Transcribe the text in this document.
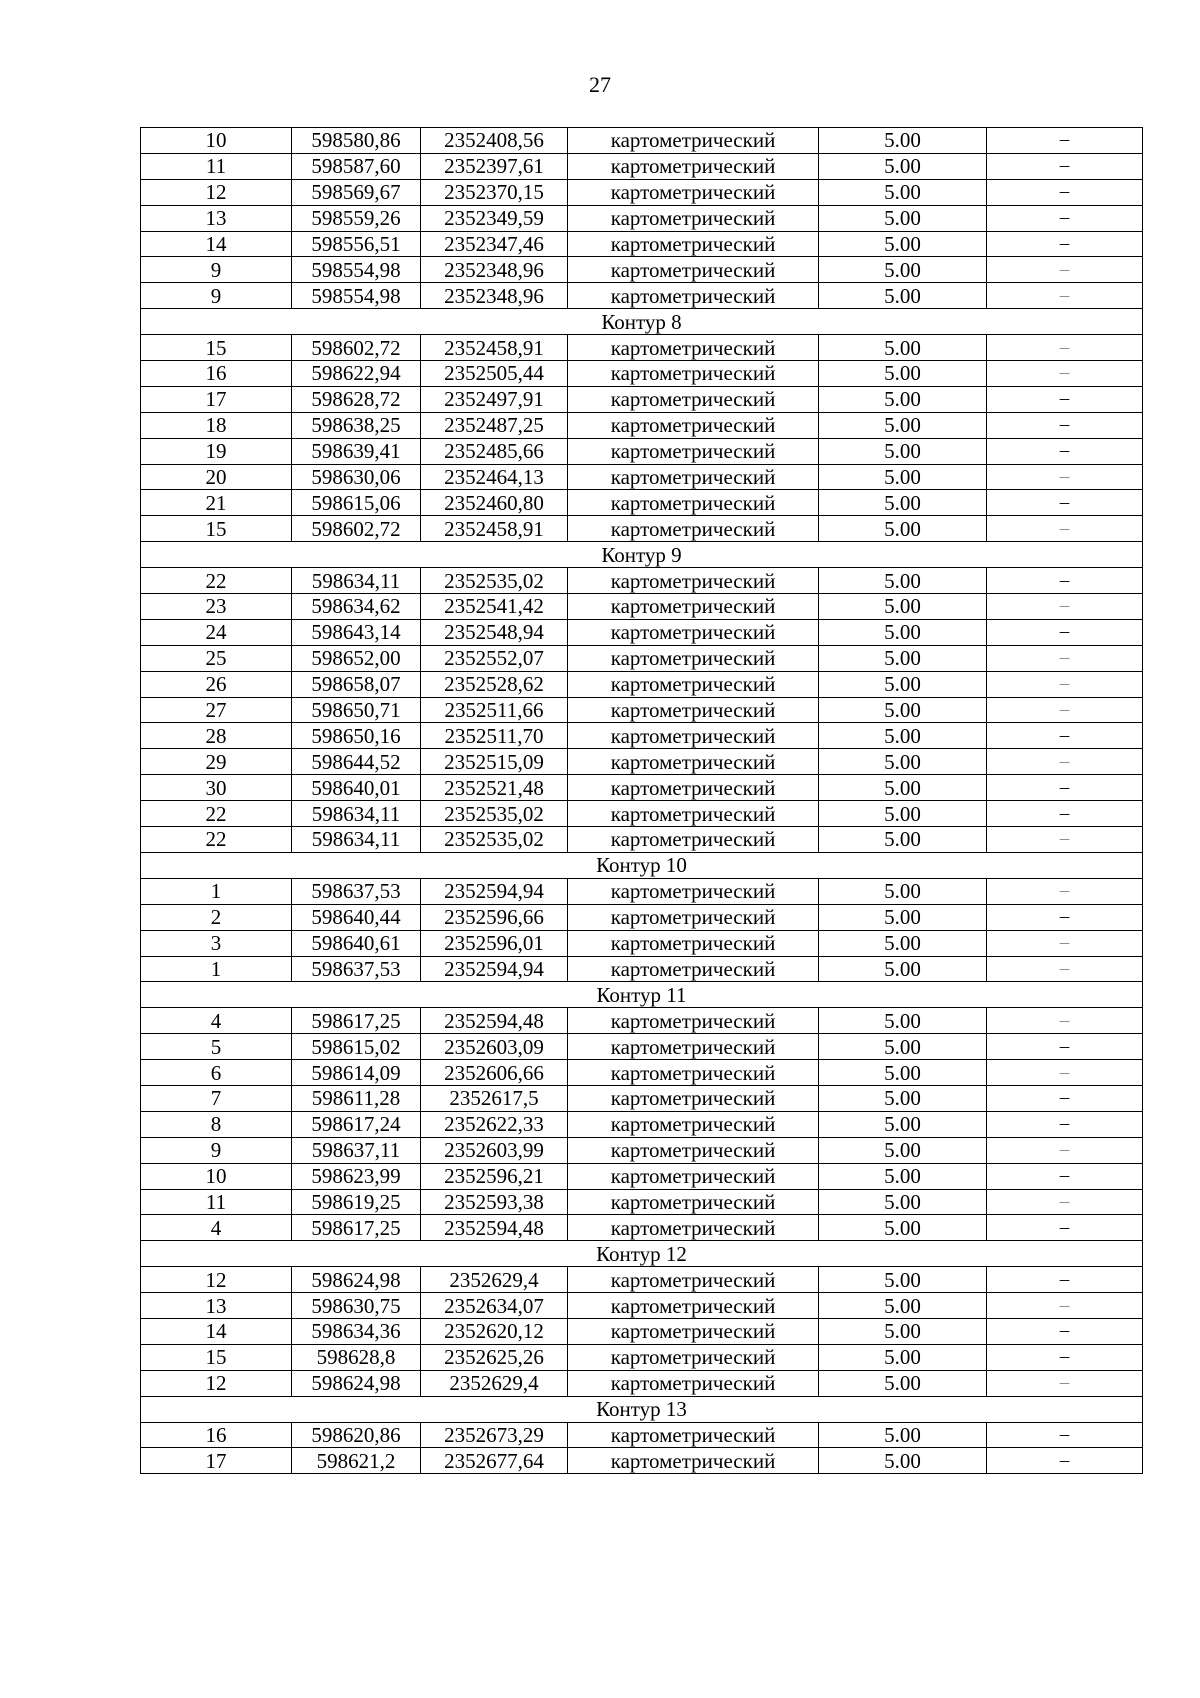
27
10	598580,86	2352408,56	картометрический	5.00	–
11	598587,60	2352397,61	картометрический	5.00	–
12	598569,67	2352370,15	картометрический	5.00	–
13	598559,26	2352349,59	картометрический	5.00	–
14	598556,51	2352347,46	картометрический	5.00	–
9	598554,98	2352348,96	картометрический	5.00	–
9	598554,98	2352348,96	картометрический	5.00	–
Контур 8					
15	598602,72	2352458,91	картометрический	5.00	–
16	598622,94	2352505,44	картометрический	5.00	–
17	598628,72	2352497,91	картометрический	5.00	–
18	598638,25	2352487,25	картометрический	5.00	–
19	598639,41	2352485,66	картометрический	5.00	–
20	598630,06	2352464,13	картометрический	5.00	–
21	598615,06	2352460,80	картометрический	5.00	–
15	598602,72	2352458,91	картометрический	5.00	–
Контур 9					
22	598634,11	2352535,02	картометрический	5.00	–
23	598634,62	2352541,42	картометрический	5.00	–
24	598643,14	2352548,94	картометрический	5.00	–
25	598652,00	2352552,07	картометрический	5.00	–
26	598658,07	2352528,62	картометрический	5.00	–
27	598650,71	2352511,66	картометрический	5.00	–
28	598650,16	2352511,70	картометрический	5.00	–
29	598644,52	2352515,09	картометрический	5.00	–
30	598640,01	2352521,48	картометрический	5.00	–
22	598634,11	2352535,02	картометрический	5.00	–
22	598634,11	2352535,02	картометрический	5.00	–
Контур 10					
1	598637,53	2352594,94	картометрический	5.00	–
2	598640,44	2352596,66	картометрический	5.00	–
3	598640,61	2352596,01	картометрический	5.00	–
1	598637,53	2352594,94	картометрический	5.00	–
Контур 11					
4	598617,25	2352594,48	картометрический	5.00	–
5	598615,02	2352603,09	картометрический	5.00	–
6	598614,09	2352606,66	картометрический	5.00	–
7	598611,28	2352617,5	картометрический	5.00	–
8	598617,24	2352622,33	картометрический	5.00	–
9	598637,11	2352603,99	картометрический	5.00	–
10	598623,99	2352596,21	картометрический	5.00	–
11	598619,25	2352593,38	картометрический	5.00	–
4	598617,25	2352594,48	картометрический	5.00	–
Контур 12					
12	598624,98	2352629,4	картометрический	5.00	–
13	598630,75	2352634,07	картометрический	5.00	–
14	598634,36	2352620,12	картометрический	5.00	–
15	598628,8	2352625,26	картометрический	5.00	–
12	598624,98	2352629,4	картометрический	5.00	–
Контур 13					
16	598620,86	2352673,29	картометрический	5.00	–
17	598621,2	2352677,64	картометрический	5.00	–
